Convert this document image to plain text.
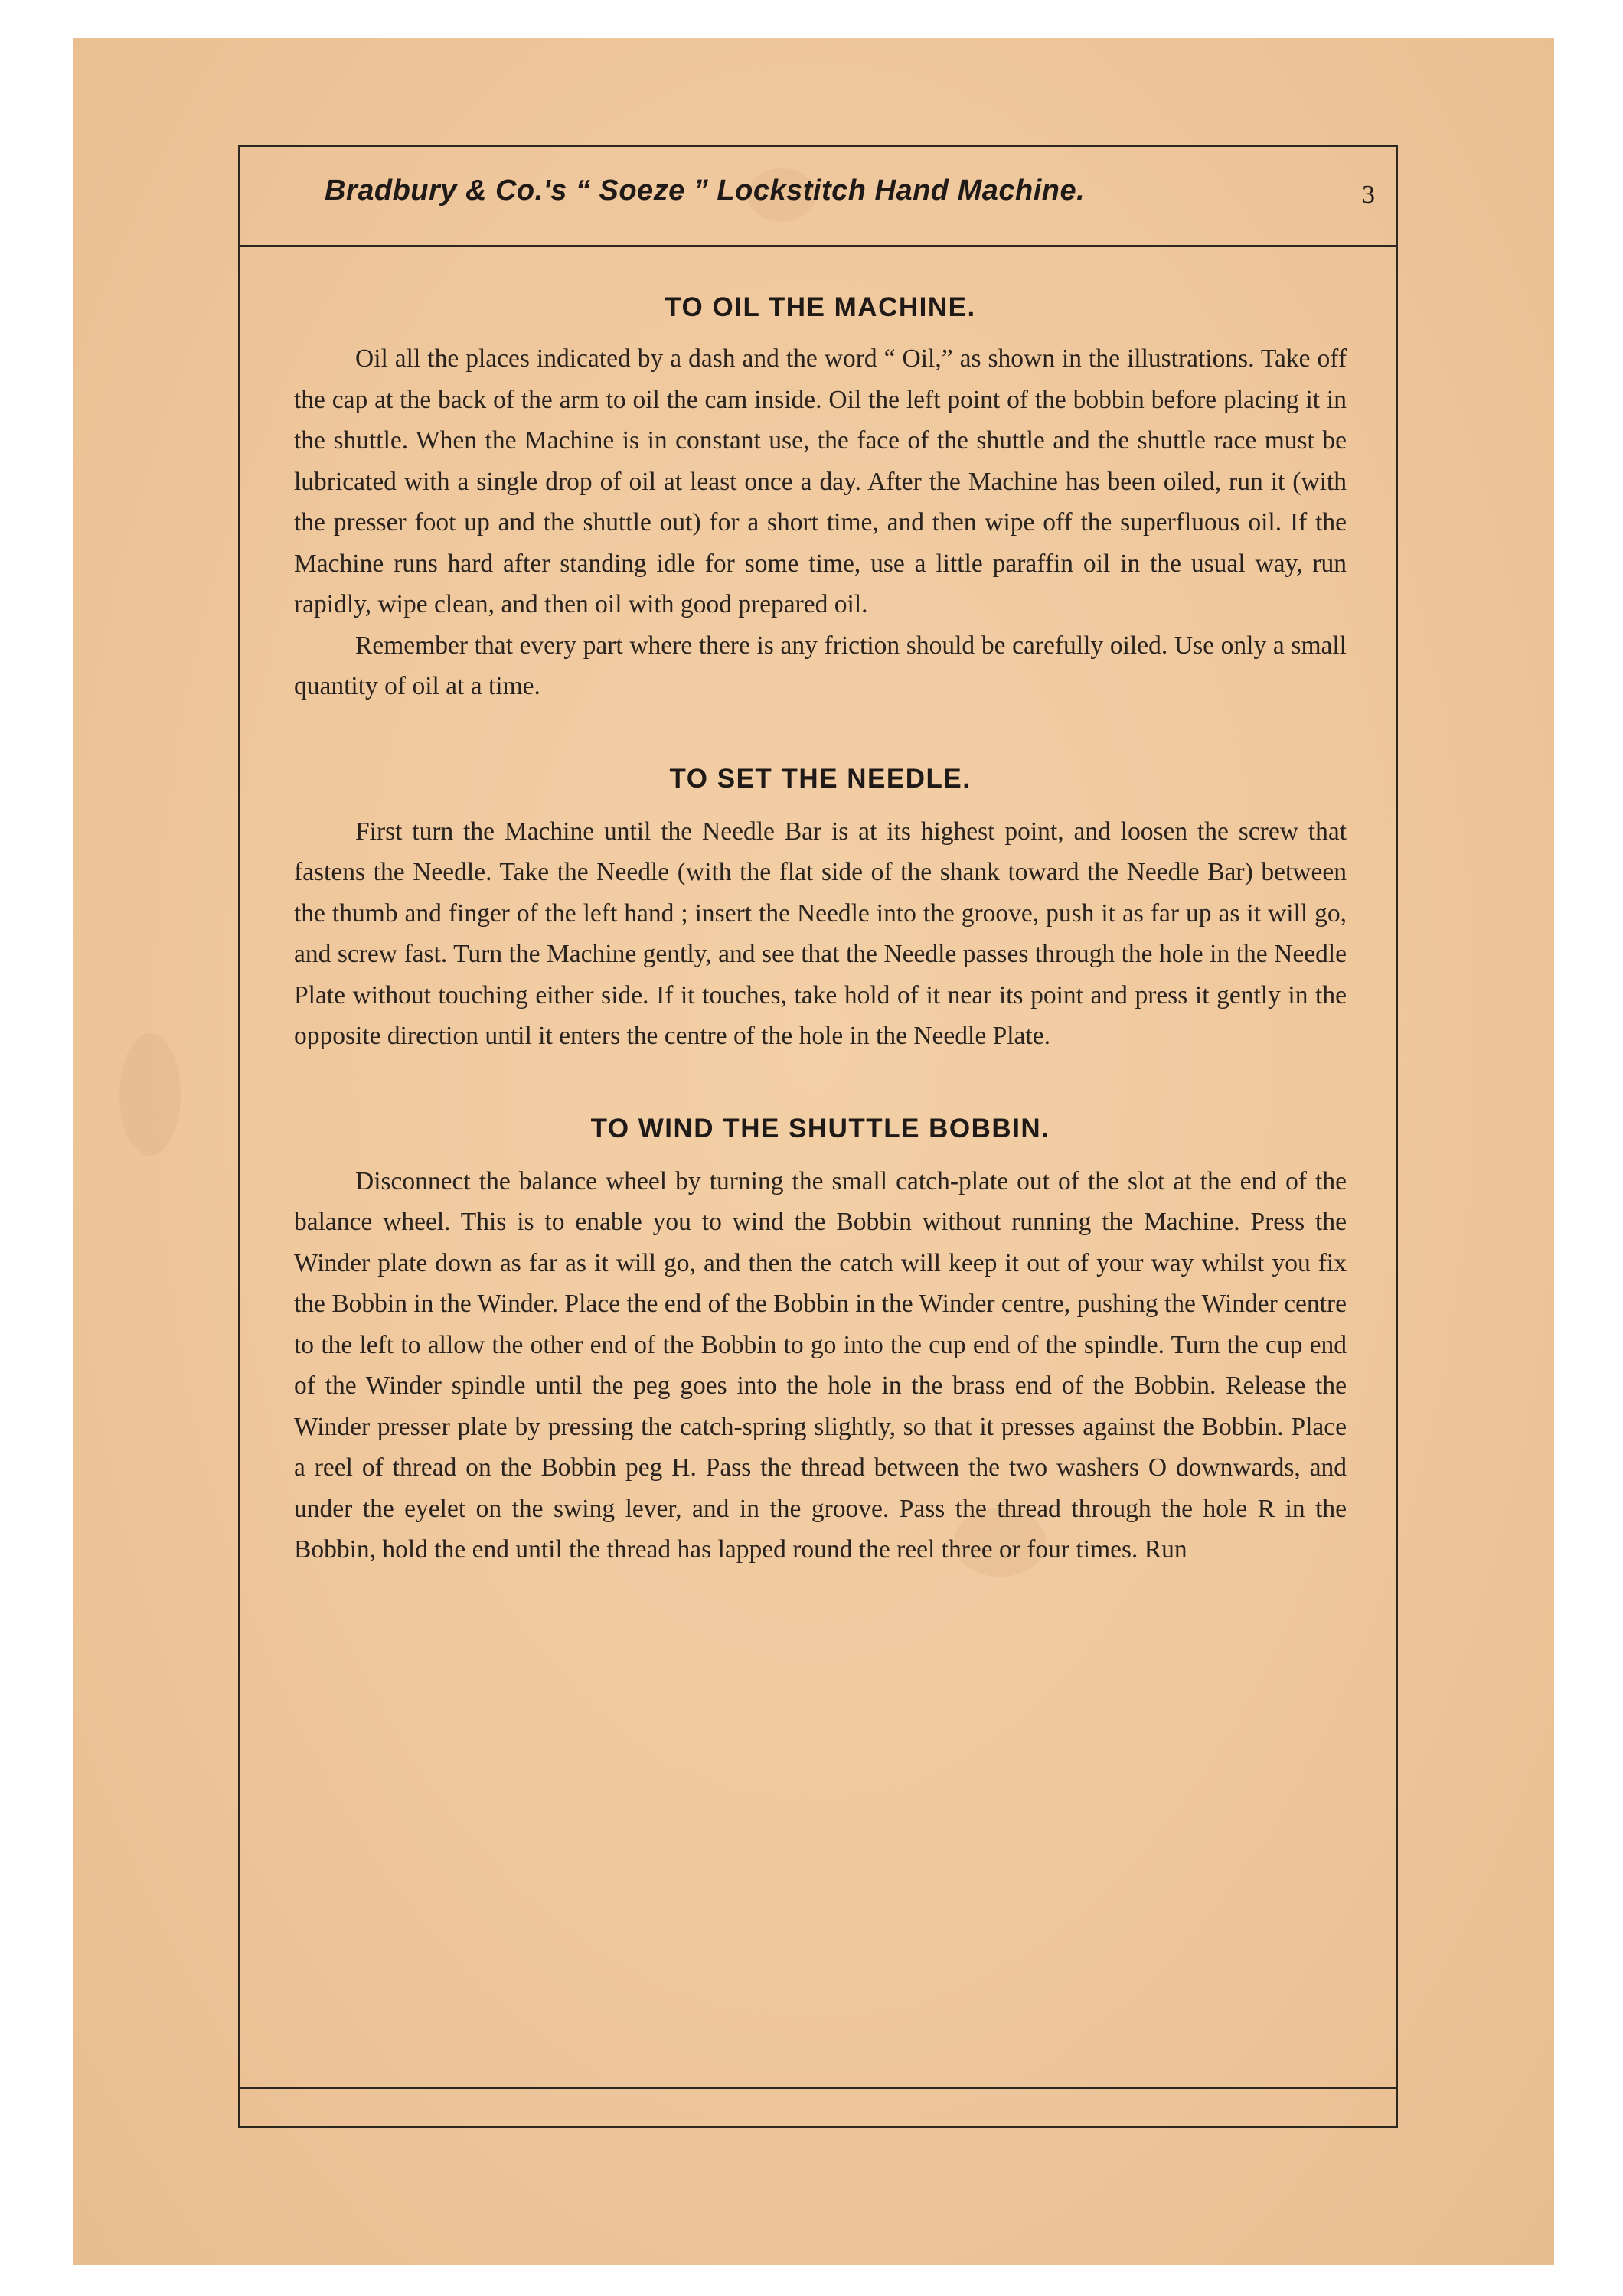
Bradbury & Co.'s “ Soeze ” Lockstitch Hand Machine.	3
TO OIL THE MACHINE.

Oil all the places indicated by a dash and the word “ Oil,” as shown in the illustrations. Take off the cap at the back of the arm to oil the cam inside. Oil the left point of the bobbin before placing it in the shuttle. When the Machine is in constant use, the face of the shuttle and the shuttle race must be lubricated with a single drop of oil at least once a day. After the Machine has been oiled, run it (with the presser foot up and the shuttle out) for a short time, and then wipe off the superfluous oil. If the Machine runs hard after standing idle for some time, use a little paraffin oil in the usual way, run rapidly, wipe clean, and then oil with good prepared oil.

Remember that every part where there is any friction should be carefully oiled. Use only a small quantity of oil at a time.

TO SET THE NEEDLE.

First turn the Machine until the Needle Bar is at its highest point, and loosen the screw that fastens the Needle. Take the Needle (with the flat side of the shank toward the Needle Bar) between the thumb and finger of the left hand ; insert the Needle into the groove, push it as far up as it will go, and screw fast. Turn the Machine gently, and see that the Needle passes through the hole in the Needle Plate without touching either side. If it touches, take hold of it near its point and press it gently in the opposite direction until it enters the centre of the hole in the Needle Plate.

TO WIND THE SHUTTLE BOBBIN.

Disconnect the balance wheel by turning the small catch-plate out of the slot at the end of the balance wheel. This is to enable you to wind the Bobbin without running the Machine. Press the Winder plate down as far as it will go, and then the catch will keep it out of your way whilst you fix the Bobbin in the Winder. Place the end of the Bobbin in the Winder centre, pushing the Winder centre to the left to allow the other end of the Bobbin to go into the cup end of the spindle. Turn the cup end of the Winder spindle until the peg goes into the hole in the brass end of the Bobbin. Release the Winder presser plate by pressing the catch-spring slightly, so that it presses against the Bobbin. Place a reel of thread on the Bobbin peg H. Pass the thread between the two washers O downwards, and under the eyelet on the swing lever, and in the groove. Pass the thread through the hole R in the Bobbin, hold the end until the thread has lapped round the reel three or four times. Run
